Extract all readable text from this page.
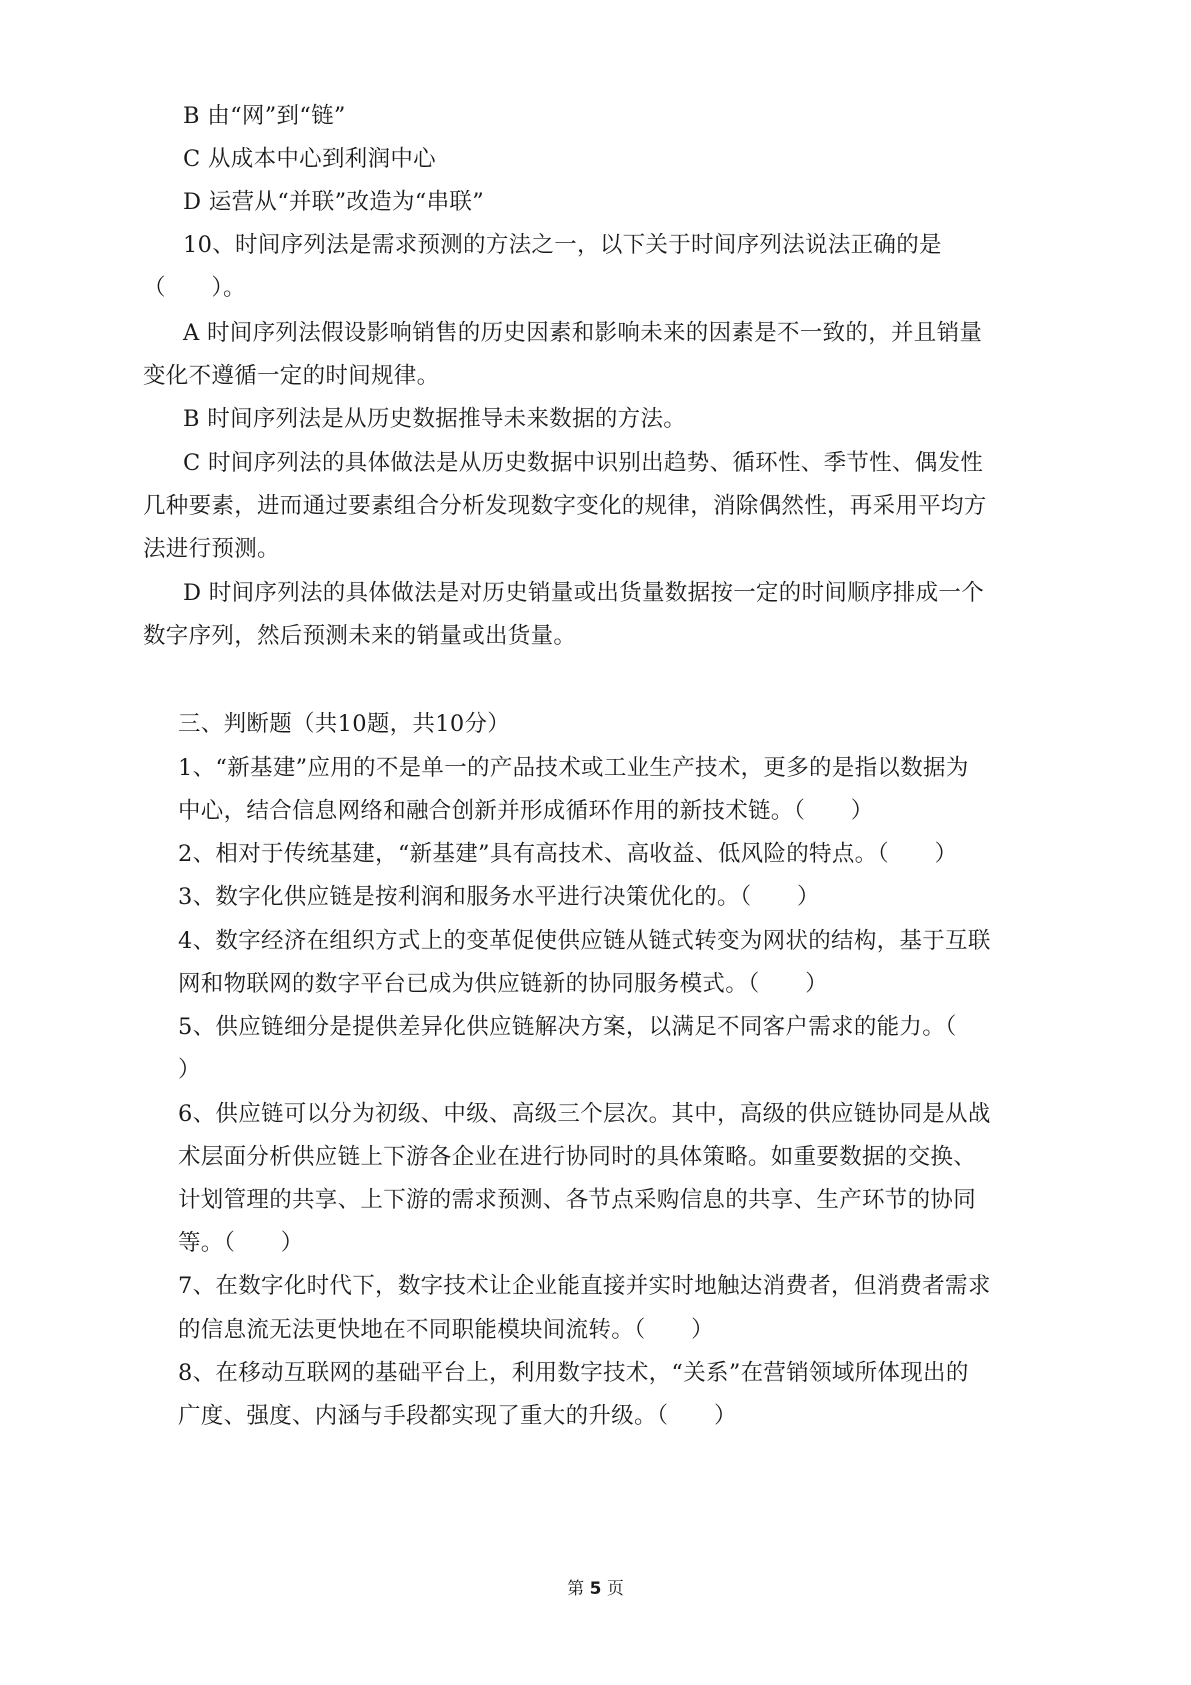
B 由“网”到“链”
C 从成本中心到利润中心
D 运营从“并联”改造为“串联”
10、时间序列法是需求预测的方法之一，以下关于时间序列法说法正确的是
（　　）。
A 时间序列法假设影响销售的历史因素和影响未来的因素是不一致的，并且销量
变化不遵循一定的时间规律。
B 时间序列法是从历史数据推导未来数据的方法。
C 时间序列法的具体做法是从历史数据中识别出趋势、循环性、季节性、偶发性
几种要素，进而通过要素组合分析发现数字变化的规律，消除偶然性，再采用平均方
法进行预测。
D 时间序列法的具体做法是对历史销量或出货量数据按一定的时间顺序排成一个
数字序列，然后预测未来的销量或出货量。
三、判断题（共10题，共10分）
1、“新基建”应用的不是单一的产品技术或工业生产技术，更多的是指以数据为
中心，结合信息网络和融合创新并形成循环作用的新技术链。（　　）
2、相对于传统基建，“新基建”具有高技术、高收益、低风险的特点。（　　）
3、数字化供应链是按利润和服务水平进行决策优化的。（　　）
4、数字经济在组织方式上的变革促使供应链从链式转变为网状的结构，基于互联
网和物联网的数字平台已成为供应链新的协同服务模式。（　　）
5、供应链细分是提供差异化供应链解决方案，以满足不同客户需求的能力。（
）
6、供应链可以分为初级、中级、高级三个层次。其中，高级的供应链协同是从战
术层面分析供应链上下游各企业在进行协同时的具体策略。如重要数据的交换、
计划管理的共享、上下游的需求预测、各节点采购信息的共享、生产环节的协同
等。（　　）
7、在数字化时代下，数字技术让企业能直接并实时地触达消费者，但消费者需求
的信息流无法更快地在不同职能模块间流转。（　　）
8、在移动互联网的基础平台上，利用数字技术，“关系”在营销领域所体现出的
广度、强度、内涵与手段都实现了重大的升级。（　　）
第 5 页
